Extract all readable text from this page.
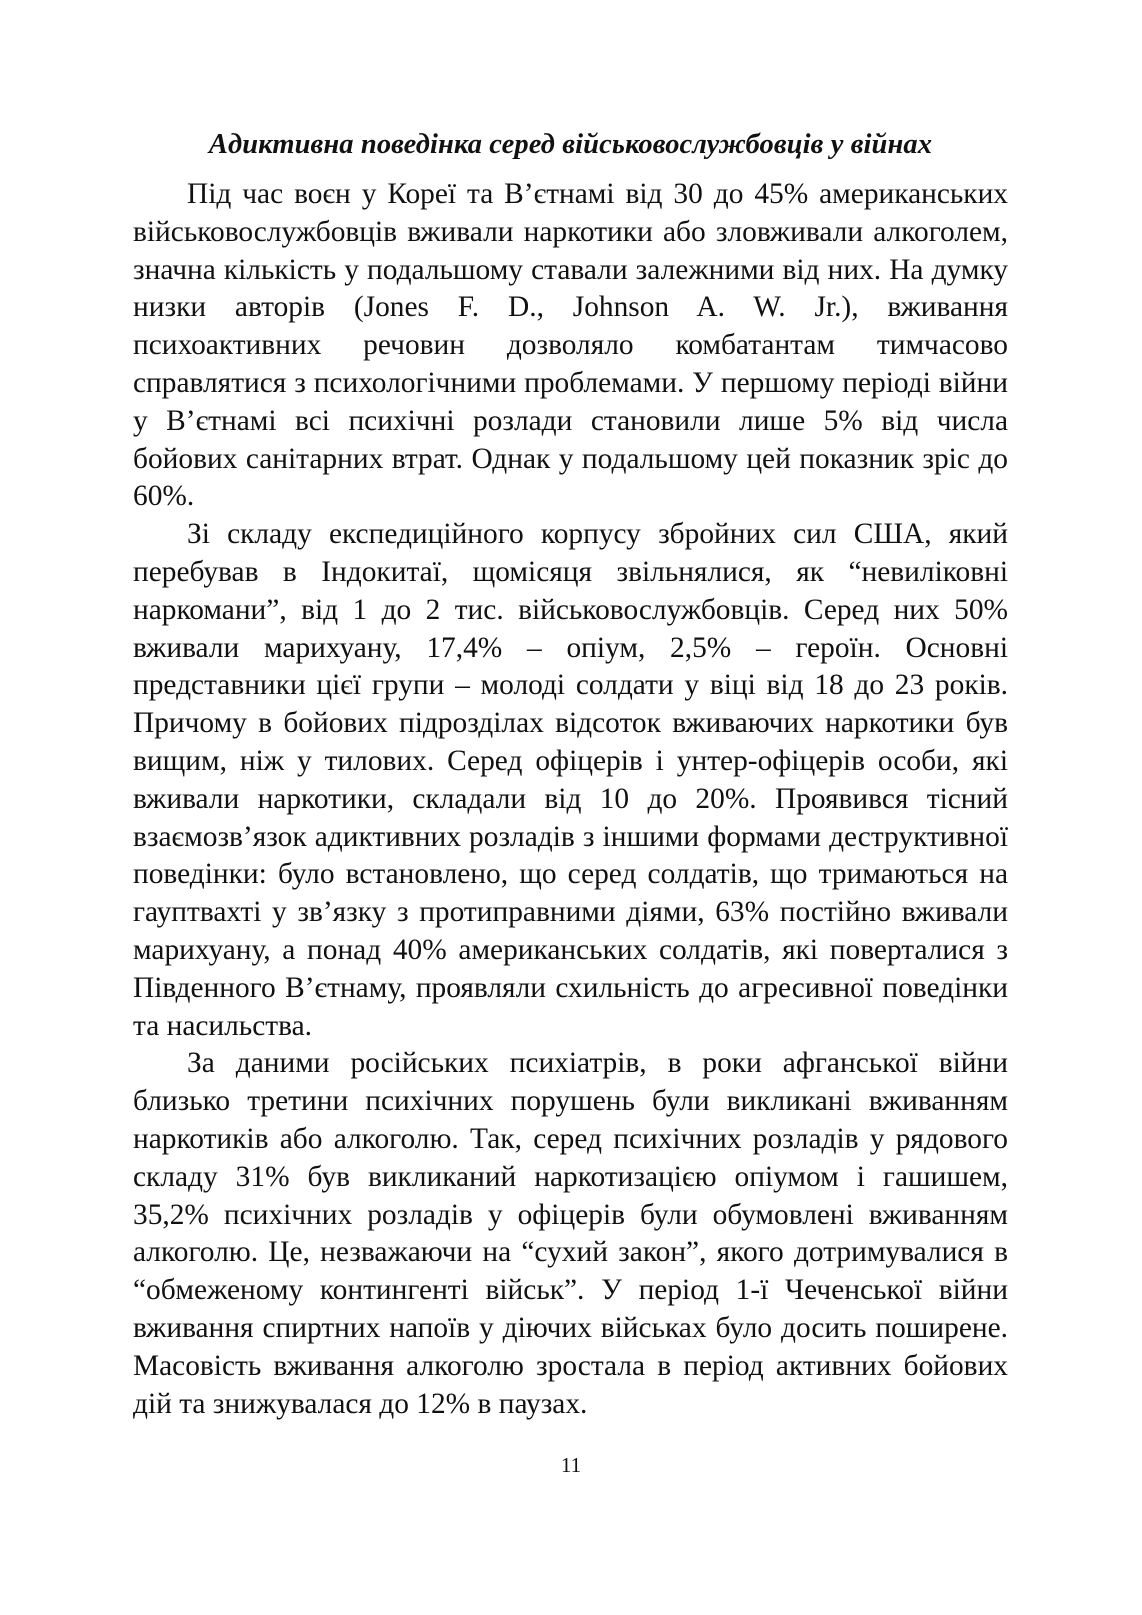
Адиктивна поведінка серед військовослужбовців у війнах

Під час воєн у Кореї та В’єтнамі від 30 до 45% американських військовослужбовців вживали наркотики або зловживали алкоголем, значна кількість у подальшому ставали залежними від них. На думку низки авторів (Jones F. D., Johnson A. W. Jr.), вживання психоактивних речовин дозволяло комбатантам тимчасово справлятися з психологічними проблемами. У першому періоді війни у В’єтнамі всі психічні розлади становили лише 5% від числа бойових санітарних втрат. Однак у подальшому цей показник зріс до 60%.

Зі складу експедиційного корпусу збройних сил США, який перебував в Індокитаї, щомісяця звільнялися, як “невиліковні наркомани”, від 1 до 2 тис. військовослужбовців. Серед них 50% вживали марихуану, 17,4% – опіум, 2,5% – героїн. Основні представники цієї групи – молоді солдати у віці від 18 до 23 років. Причому в бойових підрозділах відсоток вживаючих наркотики був вищим, ніж у тилових. Серед офіцерів і унтер-офіцерів особи, які вживали наркотики, складали від 10 до 20%. Проявився тісний взаємозв’язок адиктивних розладів з іншими формами деструктивної поведінки: було встановлено, що серед солдатів, що тримаються на гауптвахті у зв’язку з протиправними діями, 63% постійно вживали марихуану, а понад 40% американських солдатів, які поверталися з Південного В’єтнаму, проявляли схильність до агресивної поведінки та насильства.

За даними російських психіатрів, в роки афганської війни близько третини психічних порушень були викликані вживанням наркотиків або алкоголю. Так, серед психічних розладів у рядового складу 31% був викликаний наркотизацією опіумом і гашишем, 35,2% психічних розладів у офіцерів були обумовлені вживанням алкоголю. Це, незважаючи на “сухий закон”, якого дотримувалися в “обмеженому контингенті військ”. У період 1-ї Чеченської війни вживання спиртних напоїв у діючих військах було досить поширене. Масовість вживання алкоголю зростала в період активних бойових дій та знижувалася до 12% в паузах.

11
